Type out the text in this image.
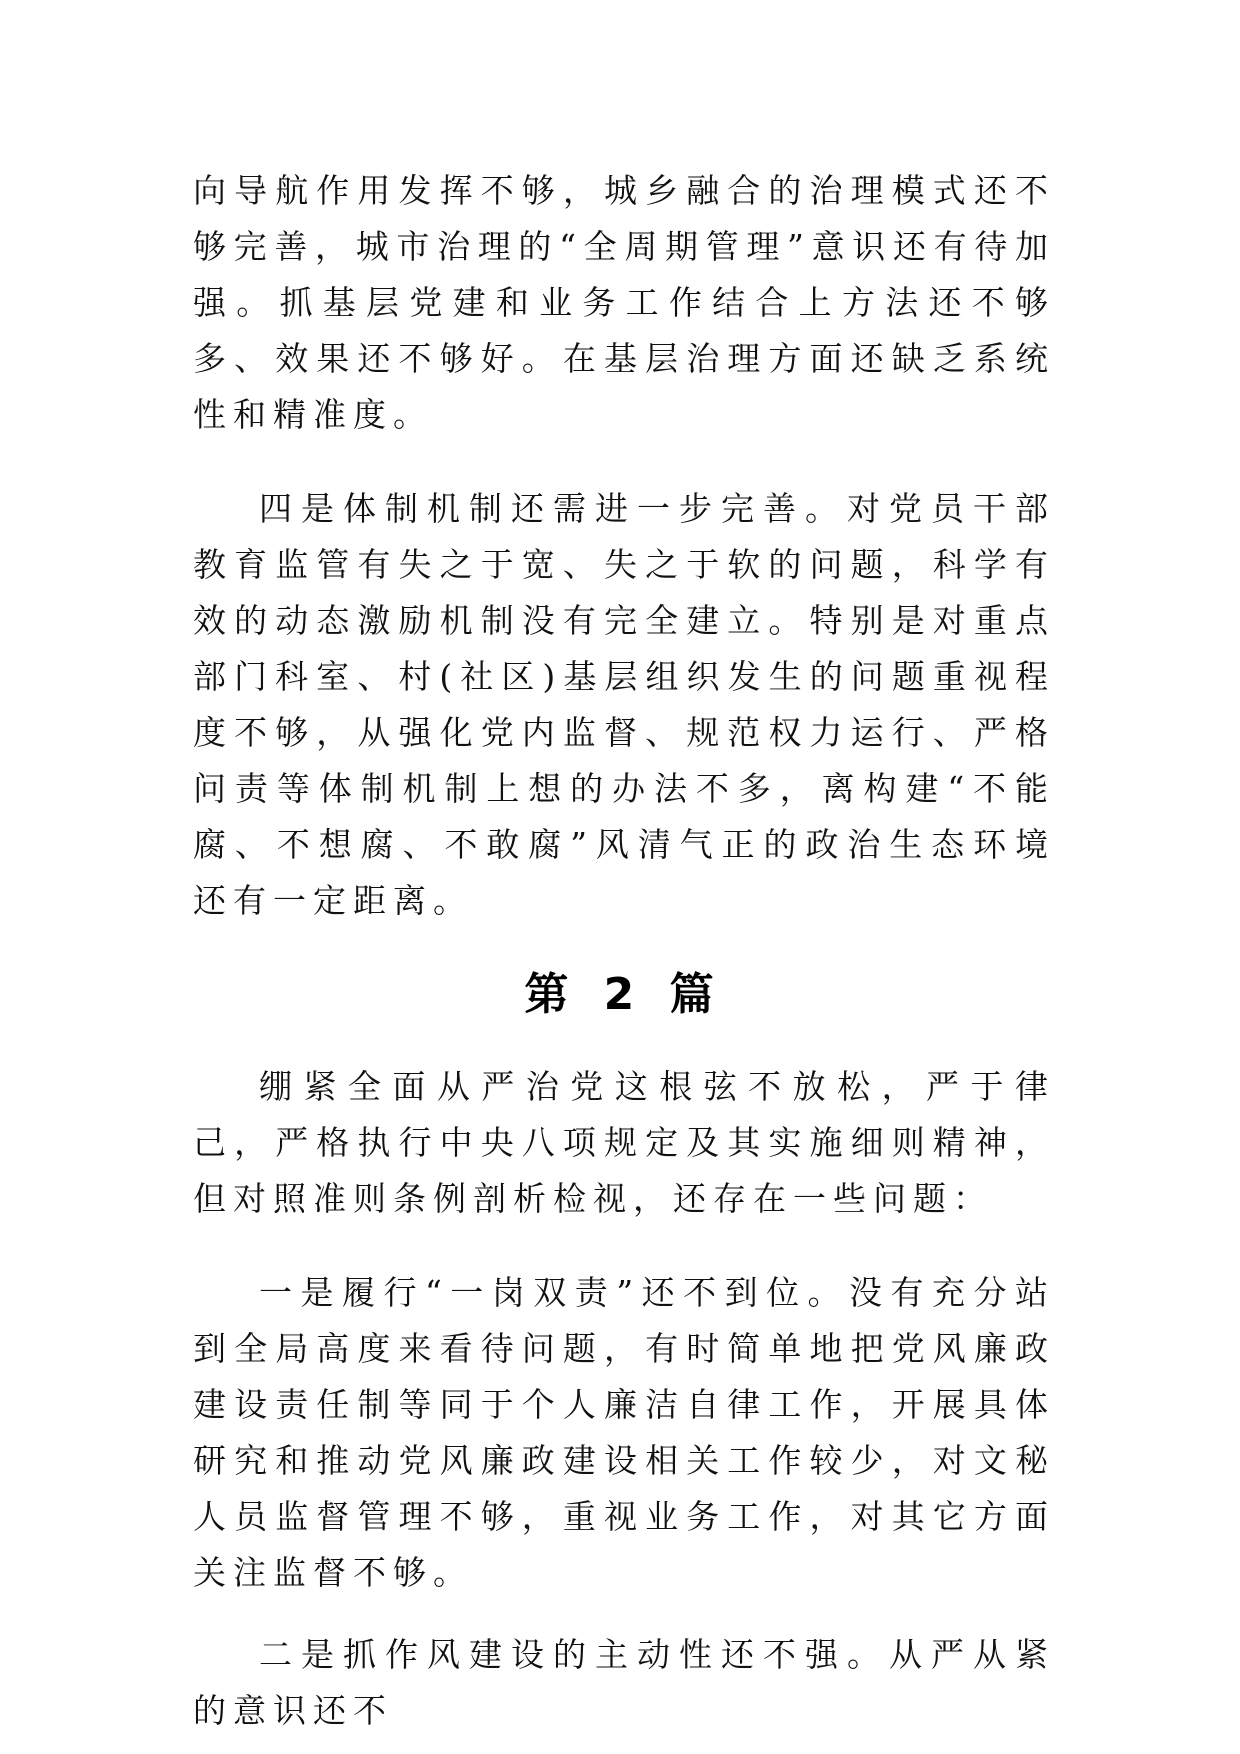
向导航作用发挥不够，城乡融合的治理模式还不够完善，城市治理的“全周期管理”意识还有待加强。抓基层党建和业务工作结合上方法还不够多、效果还不够好。在基层治理方面还缺乏系统性和精准度。

四是体制机制还需进一步完善。对党员干部教育监管有失之于宽、失之于软的问题，科学有效的动态激励机制没有完全建立。特别是对重点部门科室、村(社区)基层组织发生的问题重视程度不够，从强化党内监督、规范权力运行、严格问责等体制机制上想的办法不多，离构建“不能腐、不想腐、不敢腐”风清气正的政治生态环境还有一定距离。

第 2 篇

绷紧全面从严治党这根弦不放松，严于律己，严格执行中央八项规定及其实施细则精神，但对照准则条例剖析检视，还存在一些问题：

一是履行“一岗双责”还不到位。没有充分站到全局高度来看待问题，有时简单地把党风廉政建设责任制等同于个人廉洁自律工作，开展具体研究和推动党风廉政建设相关工作较少，对文秘人员监督管理不够，重视业务工作，对其它方面关注监督不够。

二是抓作风建设的主动性还不强。从严从紧的意识还不
